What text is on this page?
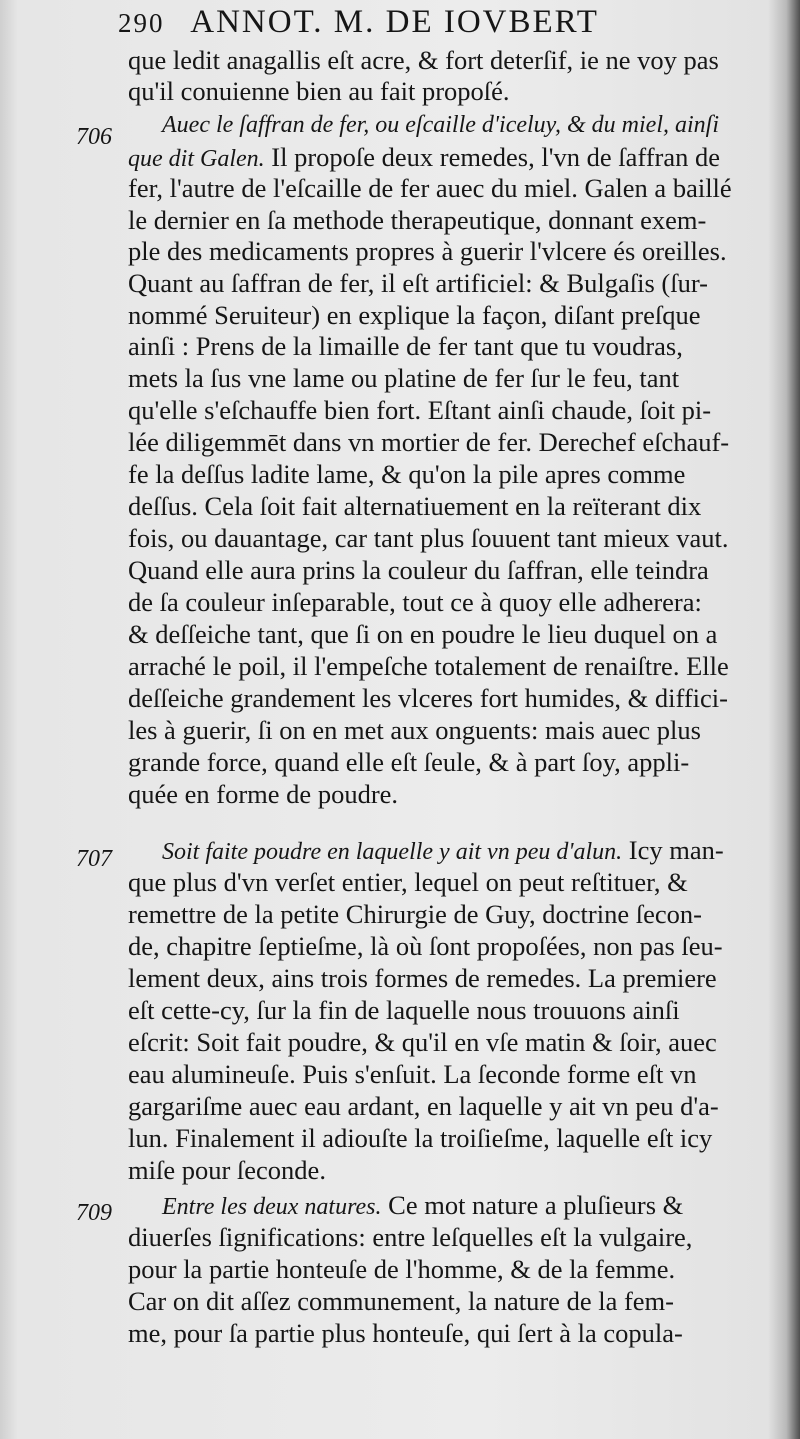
290 ANNOT. M. DE IOVBERT
706
707
709
que ledit anagallis eſt acre, & fort deterſif, ie ne voy pas
qu'il conuienne bien au fait propoſé.
Auec le ſaffran de fer, ou eſcaille d'iceluy, & du miel, ainſi
que dit Galen. Il propoſe deux remedes, l'vn de ſaffran de
fer, l'autre de l'eſcaille de fer auec du miel. Galen a baillé
le dernier en ſa methode therapeutique, donnant exem-
ple des medicaments propres à guerir l'vlcere és oreilles.
Quant au ſaffran de fer, il eſt artificiel: & Bulgaſis (ſur-
nommé Seruiteur) en explique la façon, diſant preſque
ainſi : Prens de la limaille de fer tant que tu voudras,
mets la ſus vne lame ou platine de fer ſur le feu, tant
qu'elle s'eſchauffe bien fort. Eſtant ainſi chaude, ſoit pi-
lée diligemmēt dans vn mortier de fer. Derechef eſchauf-
fe la deſſus ladite lame, & qu'on la pile apres comme
deſſus. Cela ſoit fait alternatiuement en la reïterant dix
fois, ou dauantage, car tant plus ſouuent tant mieux vaut.
Quand elle aura prins la couleur du ſaffran, elle teindra
de ſa couleur inſeparable, tout ce à quoy elle adherera:
& deſſeiche tant, que ſi on en poudre le lieu duquel on a
arraché le poil, il l'empeſche totalement de renaiſtre. Elle
deſſeiche grandement les vlceres fort humides, & diffici-
les à guerir, ſi on en met aux onguents: mais auec plus
grande force, quand elle eſt ſeule, & à part ſoy, appli-
quée en forme de poudre.
Soit faite poudre en laquelle y ait vn peu d'alun. Icy man-
que plus d'vn verſet entier, lequel on peut reſtituer, &
remettre de la petite Chirurgie de Guy, doctrine ſecon-
de, chapitre ſeptieſme, là où ſont propoſées, non pas ſeu-
lement deux, ains trois formes de remedes. La premiere
eſt cette-cy, ſur la fin de laquelle nous trouuons ainſi
eſcrit: Soit fait poudre, & qu'il en vſe matin & ſoir, auec
eau alumineuſe. Puis s'enſuit. La ſeconde forme eſt vn
gargariſme auec eau ardant, en laquelle y ait vn peu d'a-
lun. Finalement il adiouſte la troiſieſme, laquelle eſt icy
miſe pour ſeconde.
Entre les deux natures. Ce mot nature a pluſieurs &
diuerſes ſignifications: entre leſquelles eſt la vulgaire,
pour la partie honteuſe de l'homme, & de la femme.
Car on dit aſſez communement, la nature de la fem-
me, pour ſa partie plus honteuſe, qui ſert à la copula-
